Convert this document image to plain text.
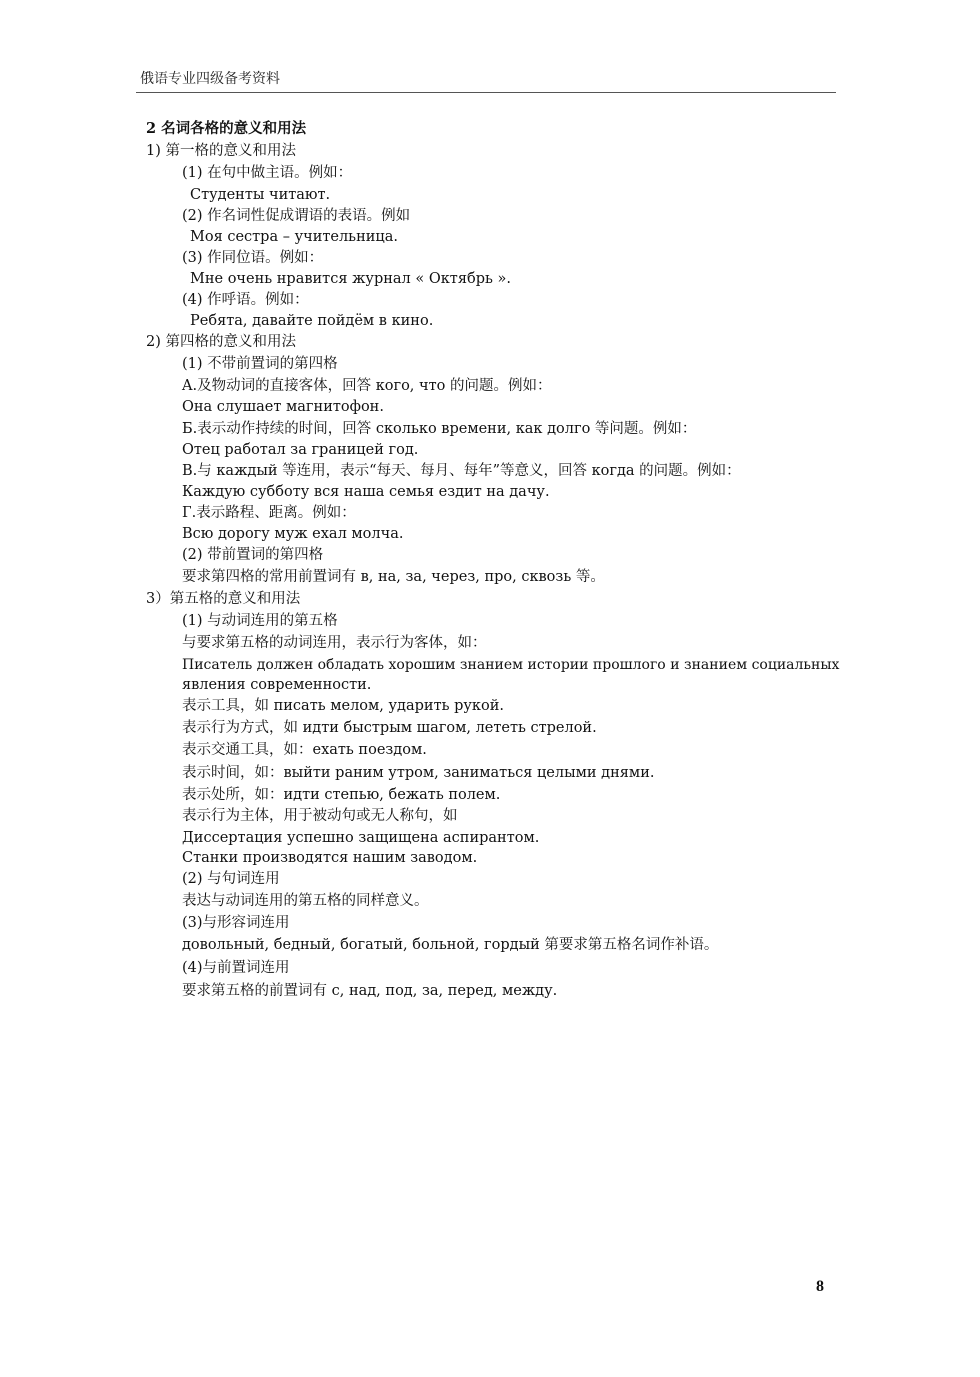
俄语专业四级备考资料
2 名词各格的意义和用法
1) 第一格的意义和用法
(1) 在句中做主语。例如：
Студенты читают.
(2) 作名词性促成谓语的表语。例如
Моя сестра – учительница.
(3) 作同位语。例如：
Мне очень нравится журнал « Октябрь ».
(4) 作呼语。例如：
Ребята, давайте пойдём в кино.
2) 第四格的意义和用法
(1) 不带前置词的第四格
A.及物动词的直接客体，回答 кого, что 的问题。例如：
Она слушает магнитофон.
Б.表示动作持续的时间，回答 сколько времени, как долго 等问题。例如：
Отец работал за границей год.
В.与 каждый 等连用，表示“每天、每月、每年”等意义，回答 когда 的问题。例如：
Каждую субботу вся наша семья ездит на дачу.
Г.表示路程、距离。例如：
Всю дорогу муж ехал молча.
(2) 带前置词的第四格
要求第四格的常用前置词有 в, на, за, через, про, сквозь 等。
3）第五格的意义和用法
(1) 与动词连用的第五格
与要求第五格的动词连用，表示行为客体，如：
Писатель должен обладать хорошим знанием истории прошлого и знанием социальных
явления современности.
表示工具，如 писать мелом, ударить рукой.
表示行为方式，如 идти быстрым шагом, лететь стрелой.
表示交通工具，如：ехать поездом.
表示时间，如：выйти раним утром, заниматься целыми днями.
表示处所，如：идти степью, бежать полем.
表示行为主体，用于被动句或无人称句，如
Диссертация успешно защищена аспирантом.
Станки производятся нашим заводом.
(2) 与句词连用
表达与动词连用的第五格的同样意义。
(3)与形容词连用
довольный, бедный, богатый, больной, гордый 第要求第五格名词作补语。
(4)与前置词连用
要求第五格的前置词有 с, над, под, за, перед, между.
8
